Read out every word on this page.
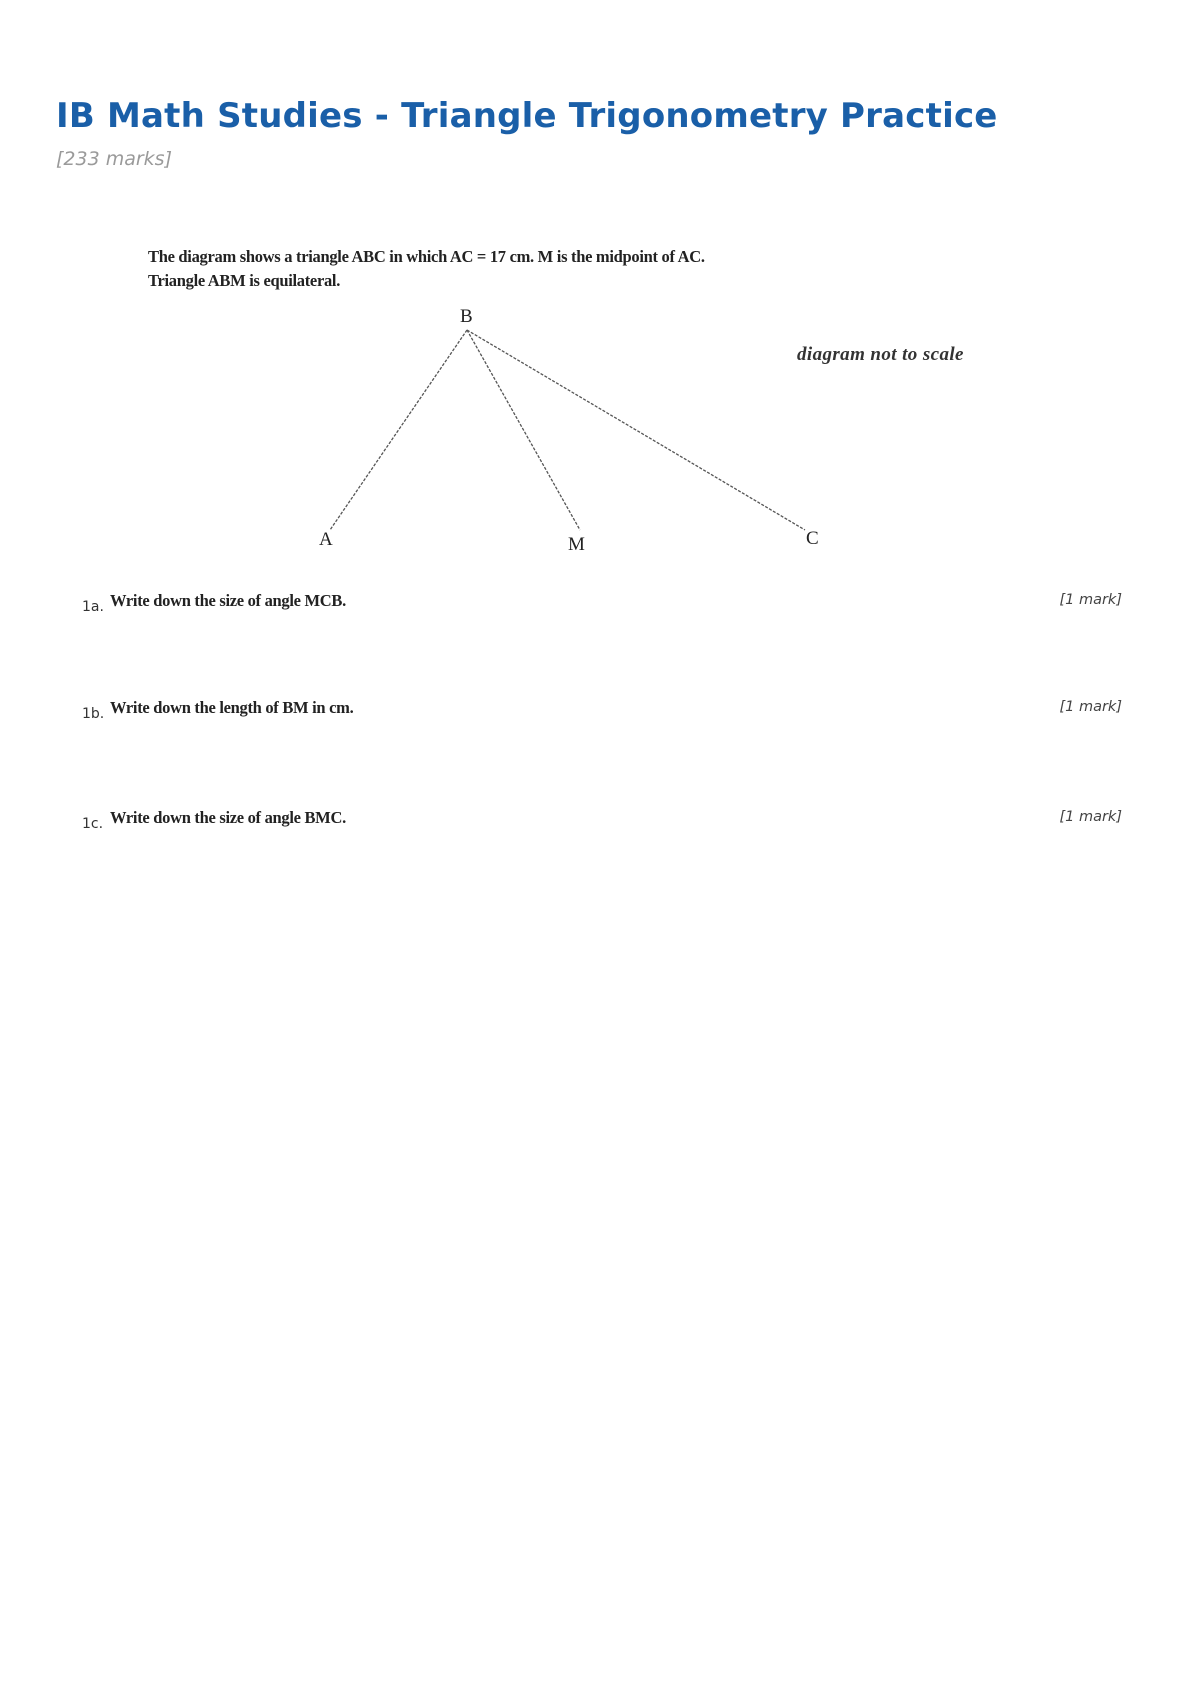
IB Math Studies - Triangle Trigonometry Practice
[233 marks]
The diagram shows a triangle ABC in which AC = 17 cm. M is the midpoint of AC.
Triangle ABM is equilateral.
B
A	M	C
diagram not to scale
1a. Write down the size of angle MCB.	[1 mark]
1b. Write down the length of BM in cm.	[1 mark]
1c. Write down the size of angle BMC.	[1 mark]
